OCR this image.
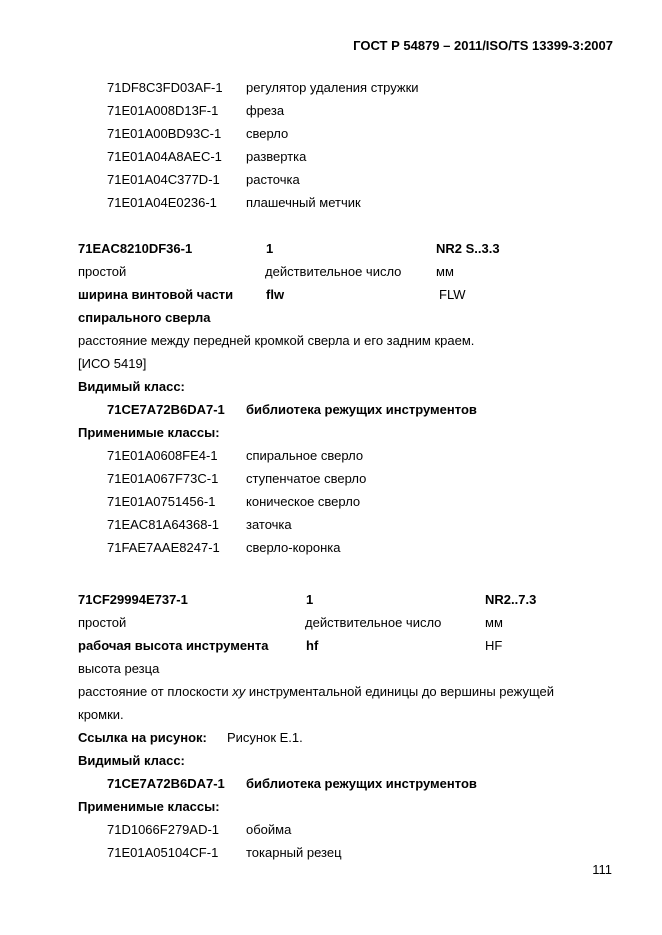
ГОСТ Р 54879 – 2011/ISO/TS 13399-3:2007
71DF8C3FD03AF-1 регулятор удаления стружки
71E01A008D13F-1 фреза
71E01A00BD93C-1 сверло
71E01A04A8AEC-1 развертка
71E01A04C377D-1 расточка
71E01A04E0236-1 плашечный метчик
71EAC8210DF36-1	1	NR2 S..3.3
простой	действительное число	мм
ширина винтовой части	flw	FLW
спирального сверла
расстояние между передней кромкой сверла и его задним краем.
[ИСО 5419]
Видимый класс:
71CE7A72B6DA7-1 библиотека режущих инструментов
Применимые классы:
71E01A0608FE4-1 спиральное сверло
71E01A067F73C-1 ступенчатое сверло
71E01A0751456-1 коническое сверло
71EAC81A64368-1 заточка
71FAE7AAE8247-1 сверло-коронка
71CF29994E737-1	1	NR2..7.3
простой	действительное число	мм
рабочая высота инструмента	hf	HF
высота резца
расстояние от плоскости xy инструментальной единицы до вершины режущей
кромки.
Ссылка на рисунок: Рисунок Е.1.
Видимый класс:
71CE7A72B6DA7-1 библиотека режущих инструментов
Применимые классы:
71D1066F279AD-1 обойма
71E01A05104CF-1 токарный резец
111
